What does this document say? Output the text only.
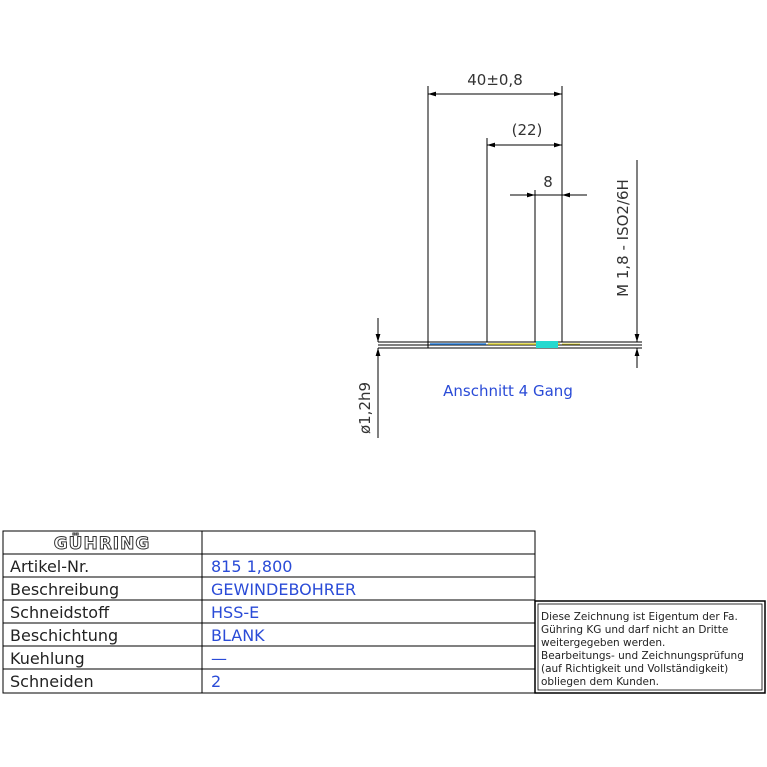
40±0,8
(22)
8	M 1,8 - ISO2/6H
ø1,2h9	Anschnitt 4 Gang
GÜHRING
Artikel-Nr.	815 1,800
Beschreibung	GEWINDEBOHRER
Schneidstoff	HSS-E
Beschichtung	BLANK
Kuehlung	—
Schneiden	2
Diese Zeichnung ist Eigentum der Fa.
Gühring KG und darf nicht an Dritte
weitergegeben werden.
Bearbeitungs- und Zeichnungsprüfung
(auf Richtigkeit und Vollständigkeit)
obliegen dem Kunden.
